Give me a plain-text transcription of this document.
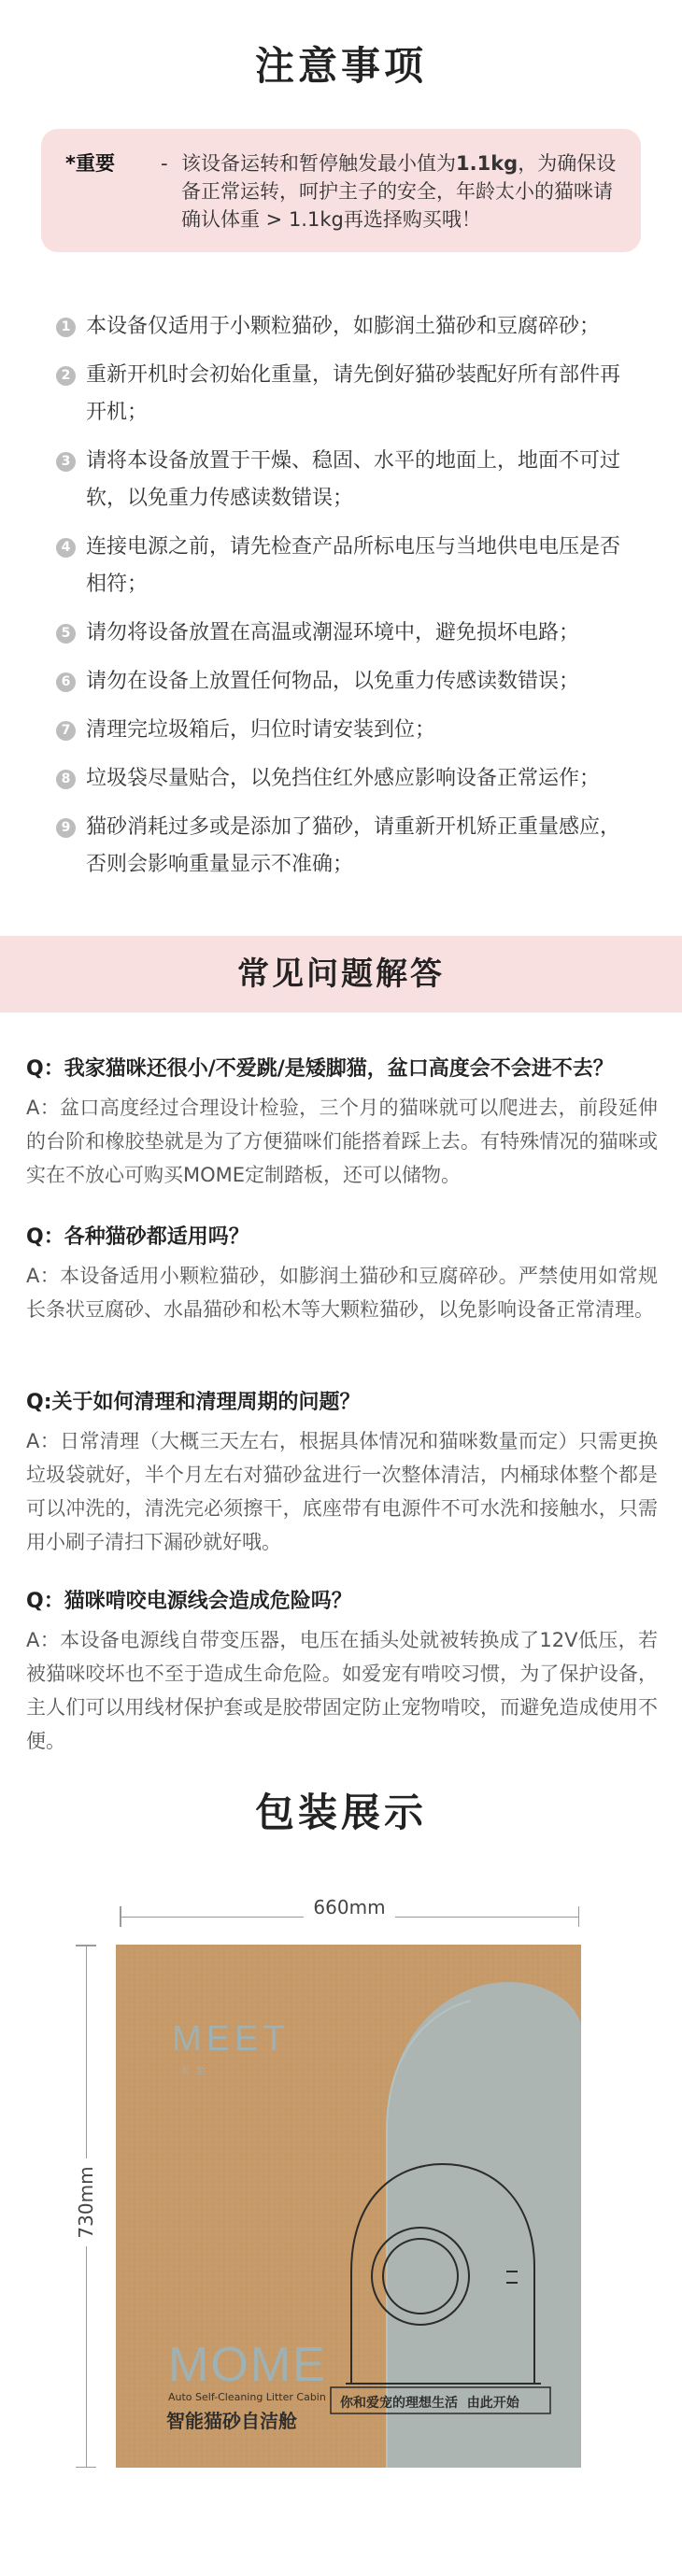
注意事项
*重要 - 该设备运转和暂停触发最小值为1.1kg，为确保设备正常运转，呵护主子的安全，年龄太小的猫咪请确认体重 > 1.1kg再选择购买哦！
1 本设备仅适用于小颗粒猫砂，如膨润土猫砂和豆腐碎砂；
2 重新开机时会初始化重量，请先倒好猫砂装配好所有部件再开机；
3 请将本设备放置于干燥、稳固、水平的地面上，地面不可过软，以免重力传感读数错误；
4 连接电源之前，请先检查产品所标电压与当地供电电压是否相符；
5 请勿将设备放置在高温或潮湿环境中，避免损坏电路；
6 请勿在设备上放置任何物品，以免重力传感读数错误；
7 清理完垃圾箱后，归位时请安装到位；
8 垃圾袋尽量贴合，以免挡住红外感应影响设备正常运作；
9 猫砂消耗过多或是添加了猫砂，请重新开机矫正重量感应，否则会影响重量显示不准确；
常见问题解答
Q：我家猫咪还很小/不爱跳/是矮脚猫，盆口高度会不会进不去？
A：盆口高度经过合理设计检验，三个月的猫咪就可以爬进去，前段延伸的台阶和橡胶垫就是为了方便猫咪们能搭着踩上去。有特殊情况的猫咪或实在不放心可购买MOME定制踏板，还可以储物。
Q：各种猫砂都适用吗？
A：本设备适用小颗粒猫砂，如膨润土猫砂和豆腐碎砂。严禁使用如常规长条状豆腐砂、水晶猫砂和松木等大颗粒猫砂，以免影响设备正常清理。
Q:关于如何清理和清理周期的问题？
A：日常清理（大概三天左右，根据具体情况和猫咪数量而定）只需更换垃圾袋就好，半个月左右对猫砂盆进行一次整体清洁，内桶球体整个都是可以冲洗的，清洗完必须擦干，底座带有电源件不可水洗和接触水，只需用小刷子清扫下漏砂就好哦。
Q：猫咪啃咬电源线会造成危险吗？
A：本设备电源线自带变压器，电压在插头处就被转换成了12V低压，若被猫咪咬坏也不至于造成生命危险。如爱宠有啃咬习惯，为了保护设备，主人们可以用线材保护套或是胶带固定防止宠物啃咬，而避免造成使用不便。
包装展示
660mm
730mm
MEET
未至
MOME
Auto Self-Cleaning Litter Cabin
智能猫砂自洁舱
你和爱宠的理想生活  由此开始
